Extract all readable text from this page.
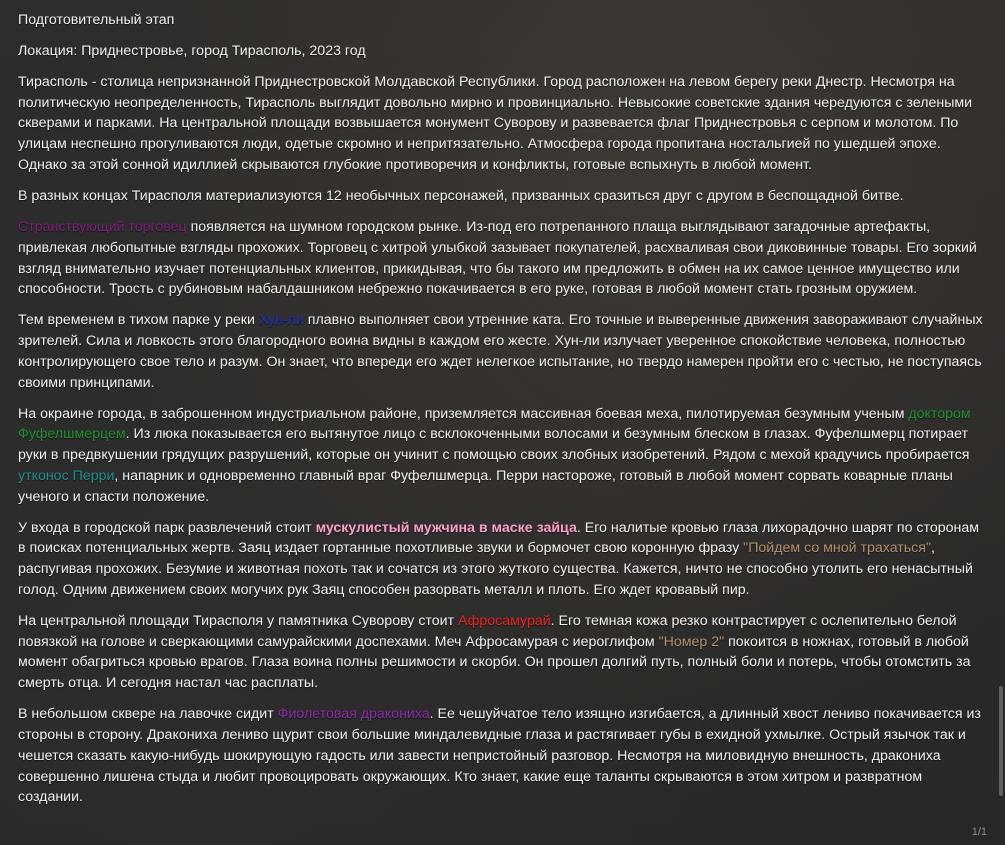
Подготовительный этап

Локация: Приднестровье, город Тирасполь, 2023 год

Тирасполь - столица непризнанной Приднестровской Молдавской Республики. Город расположен на левом берегу реки Днестр. Несмотря на политическую неопределенность, Тирасполь выглядит довольно мирно и провинциально. Невысокие советские здания чередуются с зелеными скверами и парками. На центральной площади возвышается монумент Суворову и развевается флаг Приднестровья с серпом и молотом. По улицам неспешно прогуливаются люди, одетые скромно и непритязательно. Атмосфера города пропитана ностальгией по ушедшей эпохе. Однако за этой сонной идиллией скрываются глубокие противоречия и конфликты, готовые вспыхнуть в любой момент.

В разных концах Тирасполя материализуются 12 необычных персонажей, призванных сразиться друг с другом в беспощадной битве.

Странствующий торговец появляется на шумном городском рынке. Из-под его потрепанного плаща выглядывают загадочные артефакты, привлекая любопытные взгляды прохожих. Торговец с хитрой улыбкой зазывает покупателей, расхваливая свои диковинные товары. Его зоркий взгляд внимательно изучает потенциальных клиентов, прикидывая, что бы такого им предложить в обмен на их самое ценное имущество или способности. Трость с рубиновым набалдашником небрежно покачивается в его руке, готовая в любой момент стать грозным оружием.

Тем временем в тихом парке у реки Хун-ли плавно выполняет свои утренние ката. Его точные и выверенные движения завораживают случайных зрителей. Сила и ловкость этого благородного воина видны в каждом его жесте. Хун-ли излучает уверенное спокойствие человека, полностью контролирующего свое тело и разум. Он знает, что впереди его ждет нелегкое испытание, но твердо намерен пройти его с честью, не поступаясь своими принципами.

На окраине города, в заброшенном индустриальном районе, приземляется массивная боевая меха, пилотируемая безумным ученым доктором Фуфелшмерцем. Из люка показывается его вытянутое лицо с всклокоченными волосами и безумным блеском в глазах. Фуфелшмерц потирает руки в предвкушении грядущих разрушений, которые он учинит с помощью своих злобных изобретений. Рядом с мехой крадучись пробирается утконос Перри, напарник и одновременно главный враг Фуфелшмерца. Перри настороже, готовый в любой момент сорвать коварные планы ученого и спасти положение.

У входа в городской парк развлечений стоит мускулистый мужчина в маске зайца. Его налитые кровью глаза лихорадочно шарят по сторонам в поисках потенциальных жертв. Заяц издает гортанные похотливые звуки и бормочет свою коронную фразу "Пойдем со мной трахаться", распугивая прохожих. Безумие и животная похоть так и сочатся из этого жуткого существа. Кажется, ничто не способно утолить его ненасытный голод. Одним движением своих могучих рук Заяц способен разорвать металл и плоть. Его ждет кровавый пир.

На центральной площади Тирасполя у памятника Суворову стоит Афросамурай. Его темная кожа резко контрастирует с ослепительно белой повязкой на голове и сверкающими самурайскими доспехами. Меч Афросамурая с иероглифом "Номер 2" покоится в ножнах, готовый в любой момент обагриться кровью врагов. Глаза воина полны решимости и скорби. Он прошел долгий путь, полный боли и потерь, чтобы отомстить за смерть отца. И сегодня настал час расплаты.

В небольшом сквере на лавочке сидит Фиолетовая дракониха. Ее чешуйчатое тело изящно изгибается, а длинный хвост лениво покачивается из стороны в сторону. Дракониха лениво щурит свои большие миндалевидные глаза и растягивает губы в ехидной ухмылке. Острый язычок так и чешется сказать какую-нибудь шокирующую гадость или завести непристойный разговор. Несмотря на миловидную внешность, дракониха совершенно лишена стыда и любит провоцировать окружающих. Кто знает, какие еще таланты скрываются в этом хитром и развратном создании.

1/1
